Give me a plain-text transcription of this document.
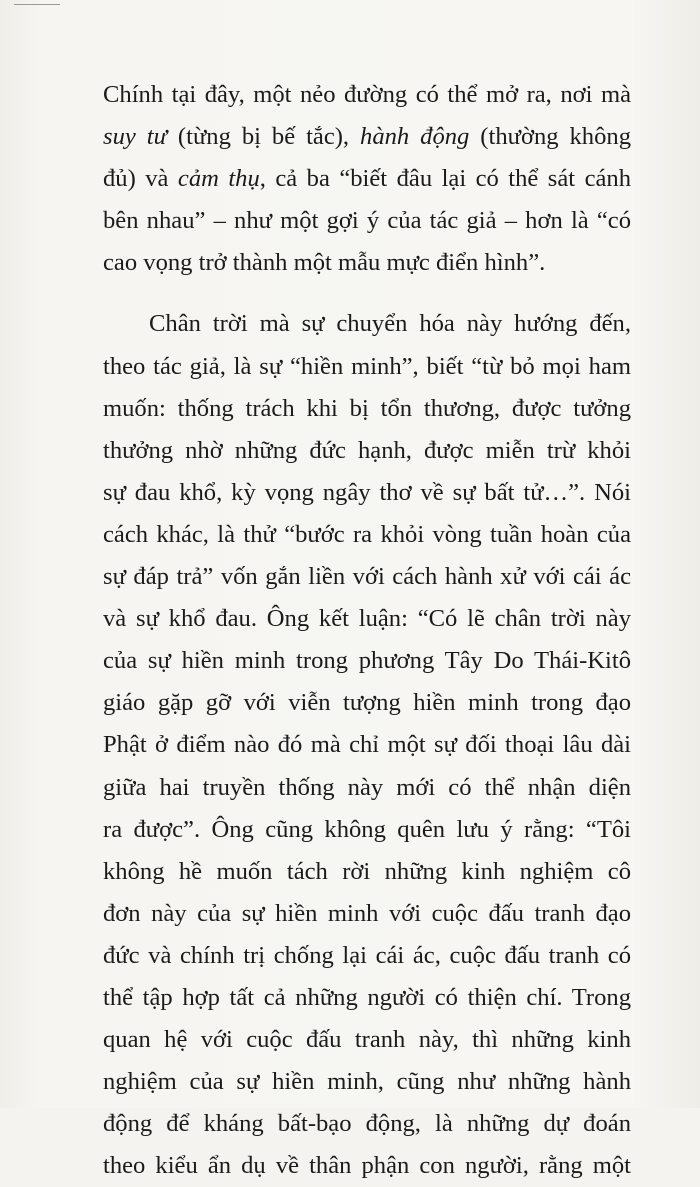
Chính tại đây, một nẻo đường có thể mở ra, nơi mà
suy tư (từng bị bế tắc), hành động (thường không
đủ) và cảm thụ, cả ba “biết đâu lại có thể sát cánh
bên nhau” – như một gợi ý của tác giả – hơn là “có
cao vọng trở thành một mẫu mực điển hình”.
Chân trời mà sự chuyển hóa này hướng đến,
theo tác giả, là sự “hiền minh”, biết “từ bỏ mọi ham
muốn: thống trách khi bị tổn thương, được tưởng
thưởng nhờ những đức hạnh, được miễn trừ khỏi
sự đau khổ, kỳ vọng ngây thơ về sự bất tử…”. Nói
cách khác, là thử “bước ra khỏi vòng tuần hoàn của
sự đáp trả” vốn gắn liền với cách hành xử với cái ác
và sự khổ đau. Ông kết luận: “Có lẽ chân trời này
của sự hiền minh trong phương Tây Do Thái-Kitô
giáo gặp gỡ với viễn tượng hiền minh trong đạo
Phật ở điểm nào đó mà chỉ một sự đối thoại lâu dài
giữa hai truyền thống này mới có thể nhận diện
ra được”. Ông cũng không quên lưu ý rằng: “Tôi
không hề muốn tách rời những kinh nghiệm cô
đơn này của sự hiền minh với cuộc đấu tranh đạo
đức và chính trị chống lại cái ác, cuộc đấu tranh có
thể tập hợp tất cả những người có thiện chí. Trong
quan hệ với cuộc đấu tranh này, thì những kinh
nghiệm của sự hiền minh, cũng như những hành
động để kháng bất-bạo động, là những dự đoán
theo kiểu ẩn dụ về thân phận con người, rằng một
